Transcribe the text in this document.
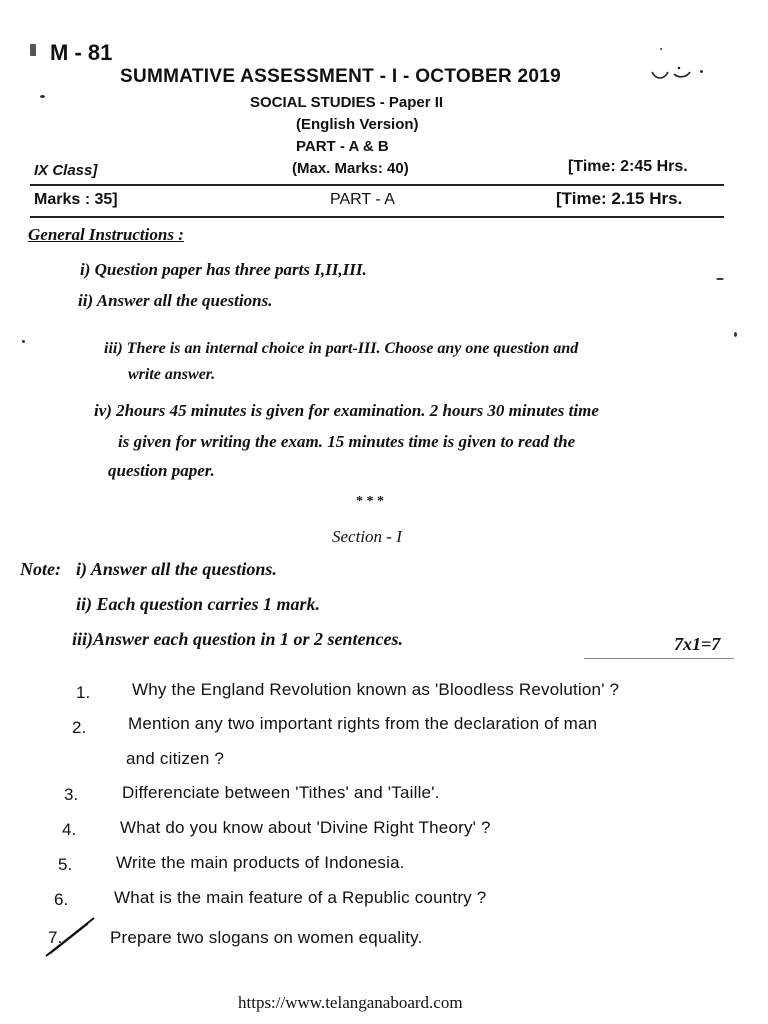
M - 81
SUMMATIVE ASSESSMENT - I - OCTOBER 2019
SOCIAL STUDIES - Paper II
(English Version)
PART - A & B
IX Class]	(Max. Marks: 40)	[Time: 2:45 Hrs.
Marks : 35]	PART - A	[Time: 2.15 Hrs.
General Instructions :
i) Question paper has three parts I,II,III.
ii) Answer all the questions.
iii) There is an internal choice in part-III. Choose any one question and
write answer.
iv) 2hours 45 minutes is given for examination. 2 hours 30 minutes time
is given for writing the exam. 15 minutes time is given to read the
question paper.
* * *
Section - I
Note: i) Answer all the questions.
ii) Each question carries 1 mark.
iii)Answer each question in 1 or 2 sentences.	7x1=7
1. Why the England Revolution known as 'Bloodless Revolution' ?
2. Mention any two important rights from the declaration of man
and citizen ?
3.	Differenciate between 'Tithes' and 'Taille'.
4.	What do you know about 'Divine Right Theory' ?
5.	Write the main products of Indonesia.
6.	What is the main feature of a Republic country ?
7.	Prepare two slogans on women equality.
https://www.telanganaboard.com
